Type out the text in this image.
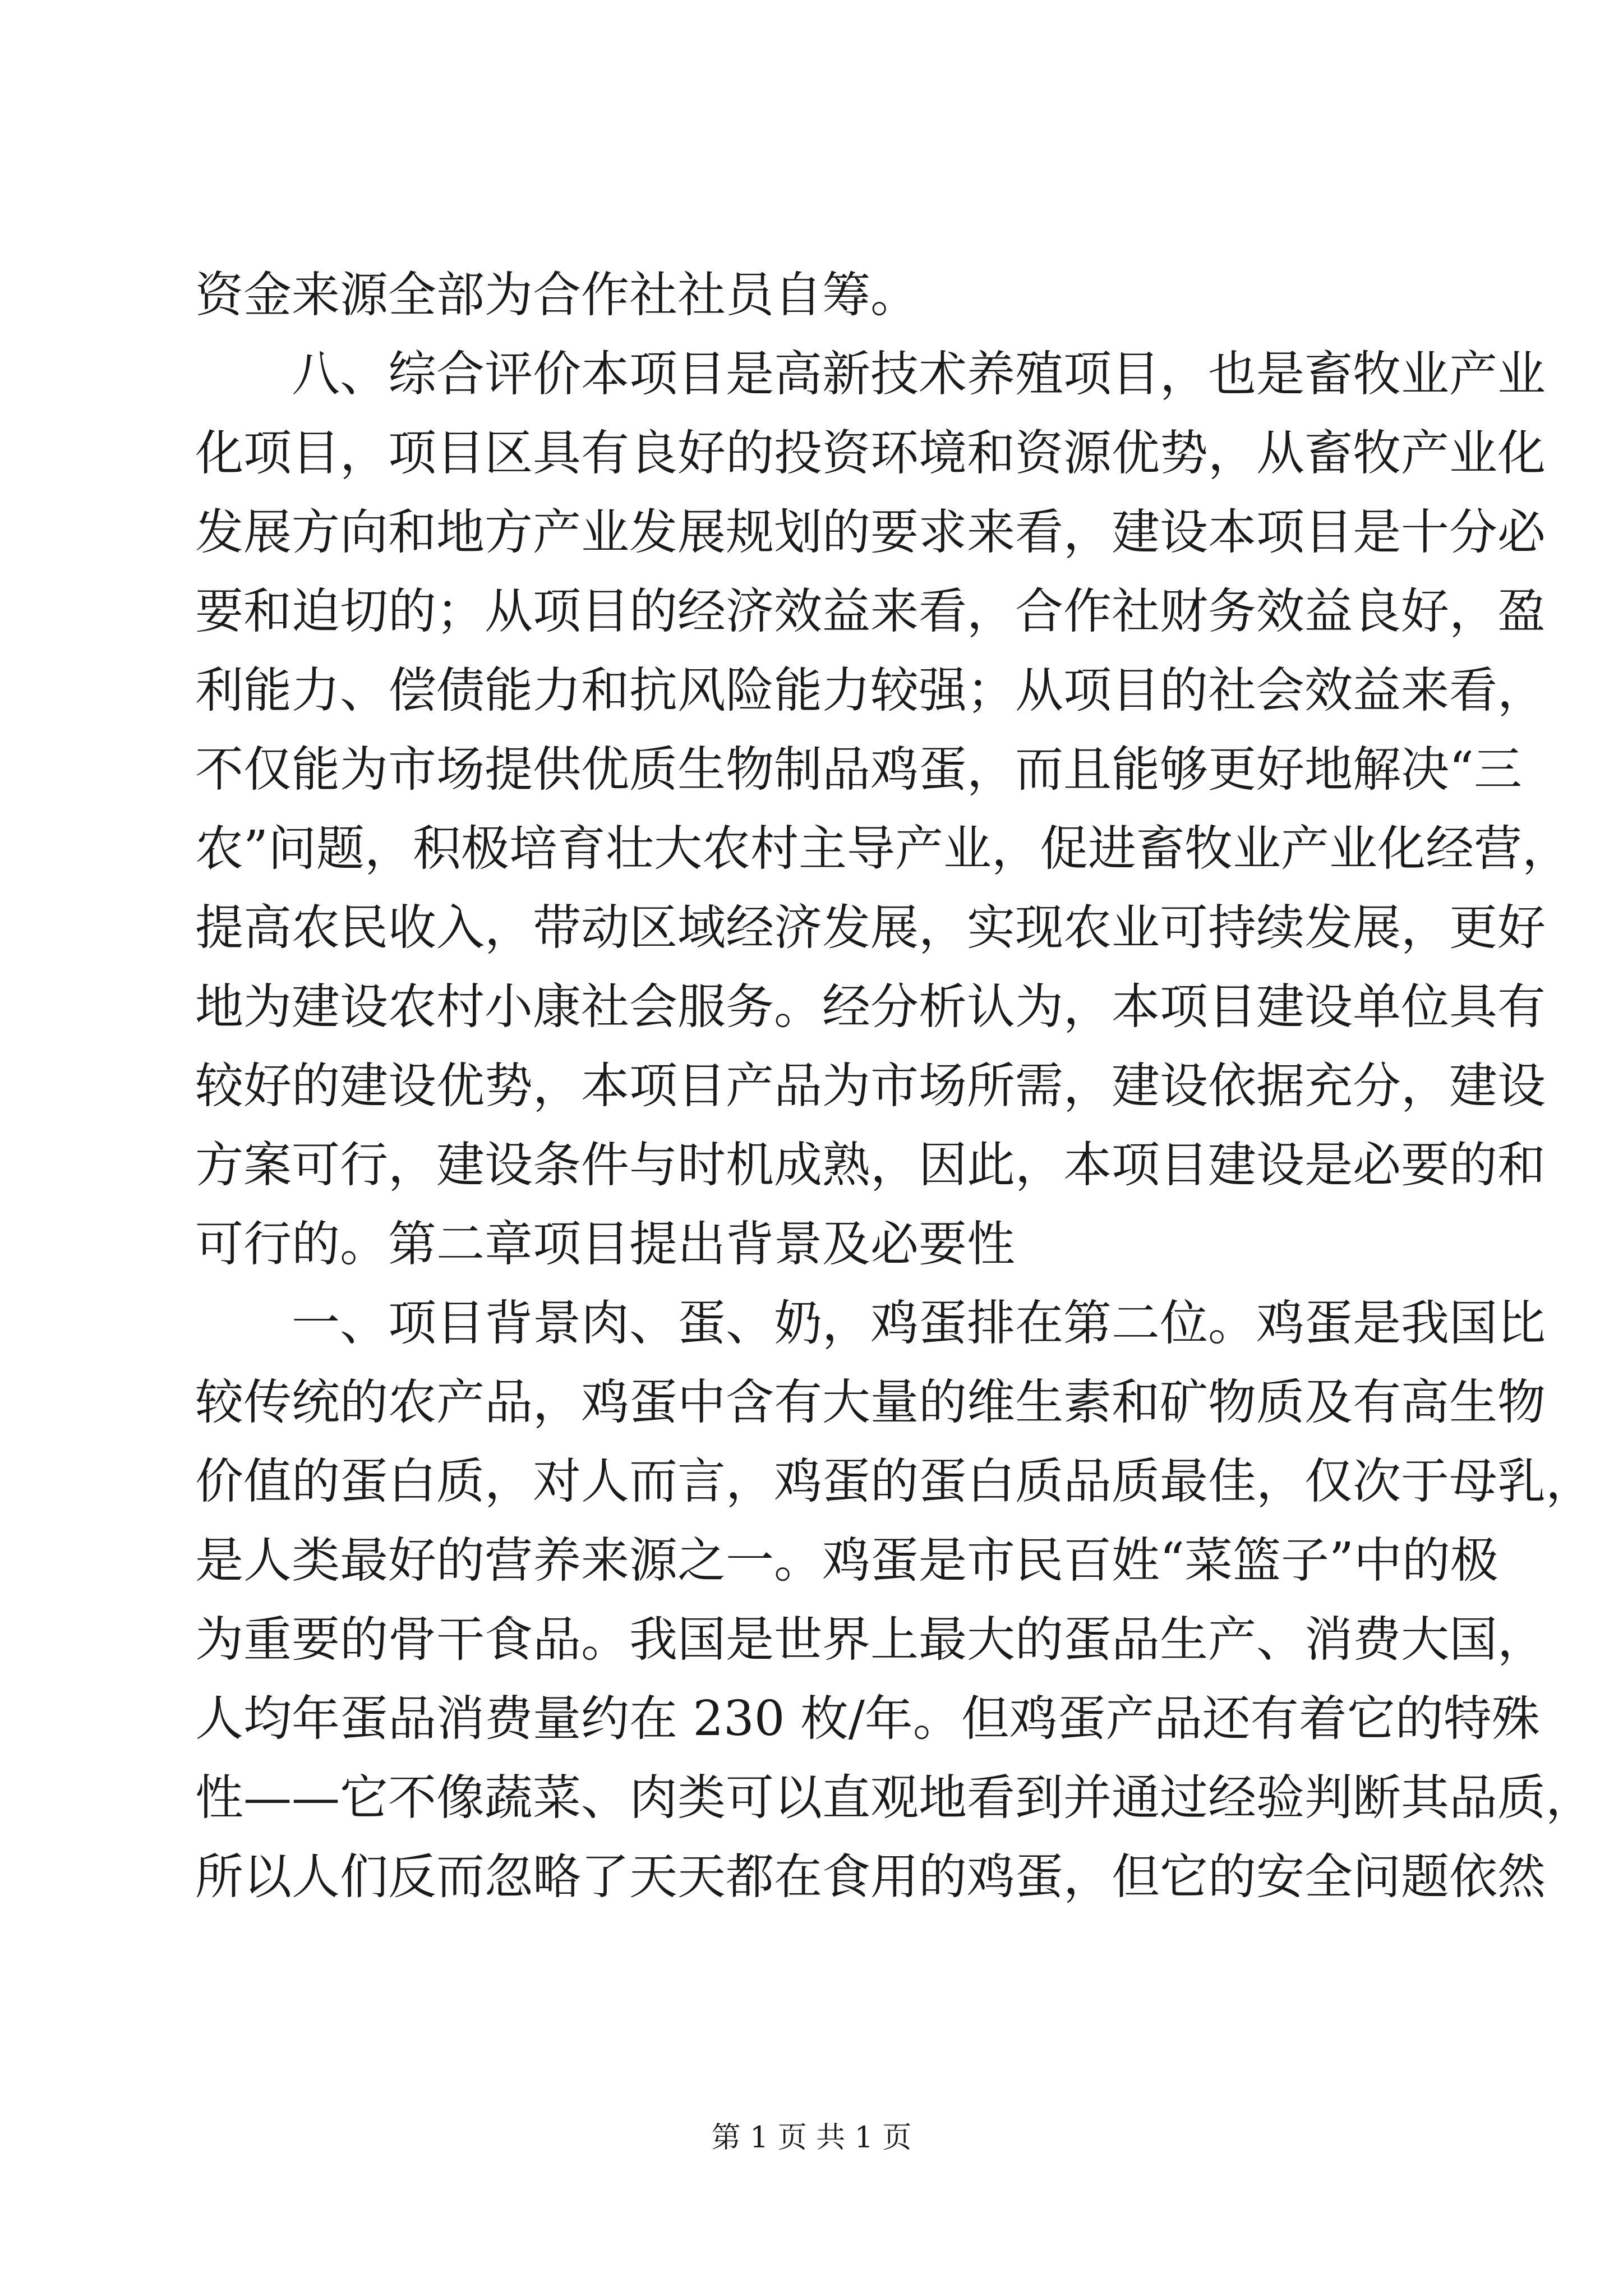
资金来源全部为合作社社员自筹。
　　八、综合评价本项目是高新技术养殖项目，也是畜牧业产业
化项目，项目区具有良好的投资环境和资源优势，从畜牧产业化
发展方向和地方产业发展规划的要求来看，建设本项目是十分必
要和迫切的；从项目的经济效益来看，合作社财务效益良好，盈
利能力、偿债能力和抗风险能力较强；从项目的社会效益来看，
不仅能为市场提供优质生物制品鸡蛋，而且能够更好地解决“三
农”问题，积极培育壮大农村主导产业，促进畜牧业产业化经营，
提高农民收入，带动区域经济发展，实现农业可持续发展，更好
地为建设农村小康社会服务。经分析认为，本项目建设单位具有
较好的建设优势，本项目产品为市场所需，建设依据充分，建设
方案可行，建设条件与时机成熟，因此，本项目建设是必要的和
可行的。第二章项目提出背景及必要性
　　一、项目背景肉、蛋、奶，鸡蛋排在第二位。鸡蛋是我国比
较传统的农产品，鸡蛋中含有大量的维生素和矿物质及有高生物
价值的蛋白质，对人而言，鸡蛋的蛋白质品质最佳，仅次于母乳，
是人类最好的营养来源之一。鸡蛋是市民百姓“菜篮子”中的极
为重要的骨干食品。我国是世界上最大的蛋品生产、消费大国，
人均年蛋品消费量约在 230 枚/年。但鸡蛋产品还有着它的特殊
性——它不像蔬菜、肉类可以直观地看到并通过经验判断其品质，
所以人们反而忽略了天天都在食用的鸡蛋，但它的安全问题依然
第 1 页 共 1 页
